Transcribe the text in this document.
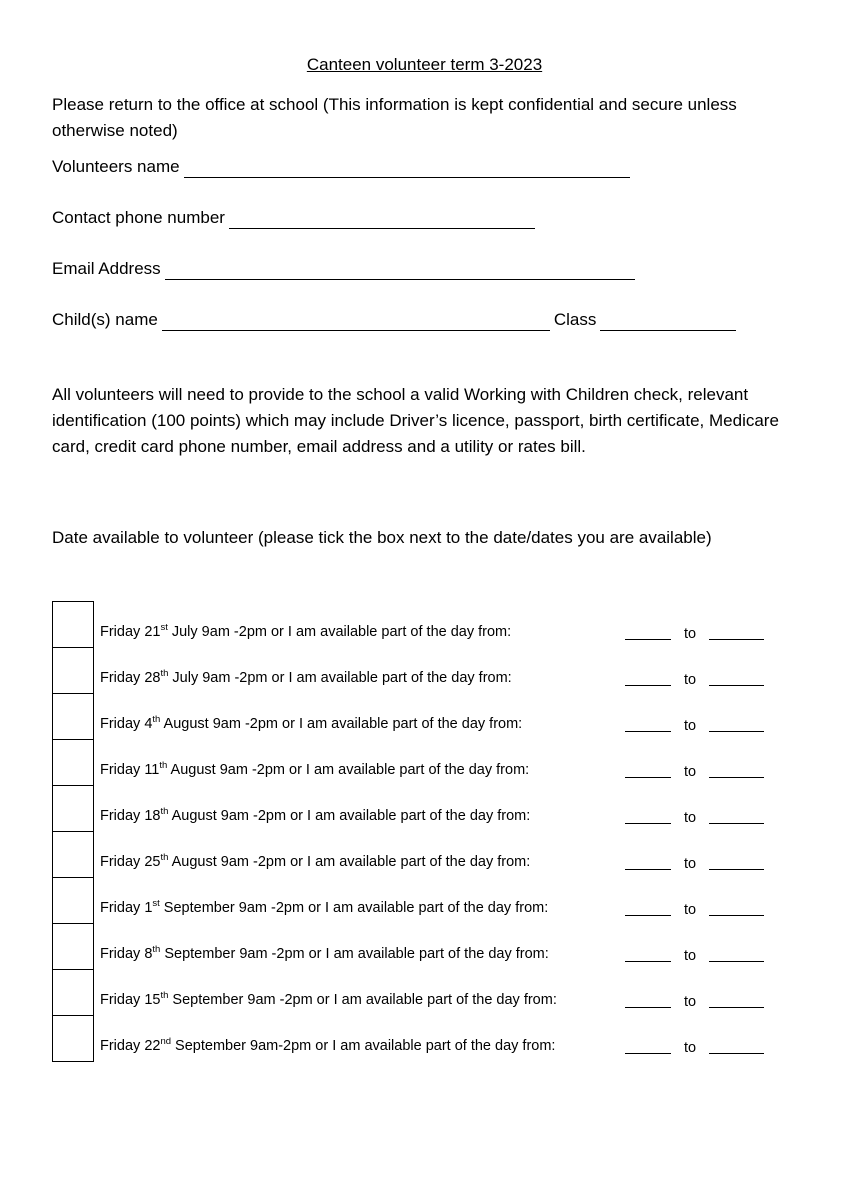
Canteen volunteer term 3-2023
Please return to the office at school (This information is kept confidential and secure unless otherwise noted)
Volunteers name
Contact phone number
Email Address
Child(s) name	Class
All volunteers will need to provide to the school a valid Working with Children check, relevant identification (100 points) which may include Driver’s licence, passport, birth certificate, Medicare card, credit card phone number, email address and a utility or rates bill.
Date available to volunteer (please tick the box next to the date/dates you are available)
Friday 21st July 9am -2pm or I am available part of the day from:	to
Friday 28th July 9am -2pm or I am available part of the day from:	to
Friday 4th August 9am -2pm or I am available part of the day from:	to
Friday 11th August 9am -2pm or I am available part of the day from:	to
Friday 18th August 9am -2pm or I am available part of the day from:	to
Friday 25th August 9am -2pm or I am available part of the day from:	to
Friday 1st September 9am -2pm or I am available part of the day from:	to
Friday 8th September 9am -2pm or I am available part of the day from:	to
Friday 15th September 9am -2pm or I am available part of the day from:	to
Friday 22nd September 9am-2pm or I am available part of the day from:	to
